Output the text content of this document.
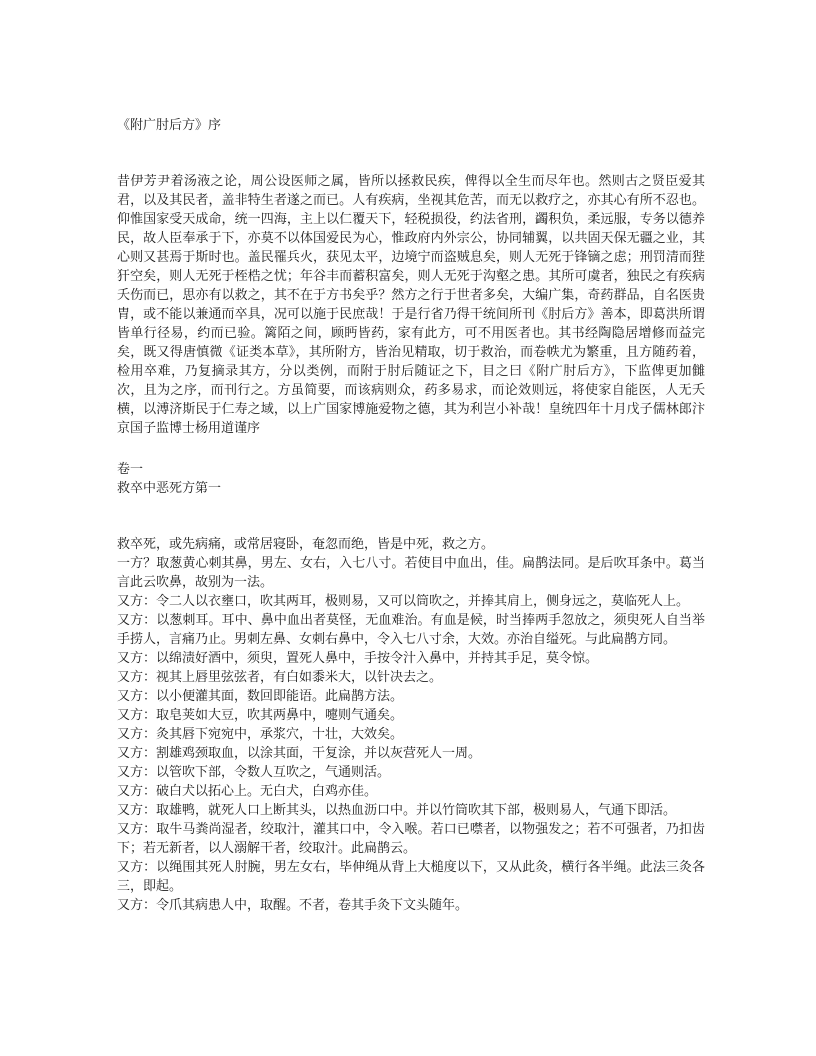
《附广肘后方》序
昔伊芳尹着汤液之论，周公设医师之属，皆所以拯救民疾，俾得以全生而尽年也。然则古之贤臣爱其君，以及其民者，盖非特生者遂之而已。人有疾病，坐视其危苦，而无以救疗之，亦其心有所不忍也。仰惟国家受天成命，统一四海，主上以仁覆天下，轻税损役，约法省刑，蠲积负，柔远服，专务以德养民，故人臣奉承于下，亦莫不以体国爱民为心，惟政府内外宗公，协同辅翼，以共固天保无疆之业，其心则又甚焉于斯时也。盖民罹兵火，获见太平，边境宁而盗贼息矣，则人无死于锋镝之虑；刑罚清而狴犴空矣，则人无死于桎梏之忧；年谷丰而蓄积富矣，则人无死于沟壑之患。其所可虞者，独民之有疾病夭伤而已，思亦有以救之，其不在于方书矣乎？然方之行于世者多矣，大编广集，奇药群品，自名医贵胄，或不能以兼通而卒具，况可以施于民庶哉！于是行省乃得干统间所刊《肘后方》善本，即葛洪所谓皆单行径易，约而已验。篱陌之间，顾眄皆药，家有此方，可不用医者也。其书经陶隐居增修而益完矣，既又得唐慎微《证类本草》，其所附方，皆治见精取，切于救治，而卷帙尤为繁重，且方随药着，检用卒难，乃复摘录其方，分以类例，而附于肘后随证之下，目之曰《附广肘后方》，下监俾更加雠次，且为之序，而刊行之。方虽简要，而该病则众，药多易求，而论效则远，将使家自能医，人无夭横，以溥济斯民于仁寿之域，以上广国家博施爱物之德，其为利岂小补哉！皇统四年十月戊子儒林郎汴京国子监博士杨用道谨序
卷一
救卒中恶死方第一

救卒死，或先病痛，或常居寝卧，奄忽而绝，皆是中死，救之方。

一方？取葱黄心刺其鼻，男左、女右，入七八寸。若使目中血出，佳。扁鹊法同。是后吹耳条中。葛当言此云吹鼻，故别为一法。

又方：令二人以衣壅口，吹其两耳，极则易，又可以筒吹之，并捧其肩上，侧身远之，莫临死人上。

又方：以葱刺耳。耳中、鼻中血出者莫怪，无血难治。有血是候，时当捧两手忽放之，须臾死人自当举手捞人，言痛乃止。男刺左鼻、女刺右鼻中，令入七八寸余，大效。亦治自缢死。与此扁鹊方同。

又方：以绵渍好酒中，须臾，置死人鼻中，手按令汁入鼻中，并持其手足，莫令惊。

又方：视其上唇里弦弦者，有白如黍米大，以针决去之。

又方：以小便灌其面，数回即能语。此扁鹊方法。

又方：取皂荚如大豆，吹其两鼻中，嚏则气通矣。

又方：灸其唇下宛宛中，承浆穴，十壮，大效矣。

又方：割雄鸡颈取血，以涂其面，干复涂，并以灰营死人一周。

又方：以管吹下部，令数人互吹之，气通则活。

又方：破白犬以拓心上。无白犬，白鸡亦佳。

又方：取雄鸭，就死人口上断其头，以热血沥口中。并以竹筒吹其下部，极则易人，气通下即活。

又方：取牛马粪尚湿者，绞取汁，灌其口中，令入喉。若口已噤者，以物强发之；若不可强者，乃扣齿下；若无新者，以人溺解干者，绞取汁。此扁鹊云。

又方：以绳围其死人肘腕，男左女右，毕伸绳从背上大槌度以下，又从此灸，横行各半绳。此法三灸各三，即起。

又方：令爪其病患人中，取醒。不者，卷其手灸下文头随年。
